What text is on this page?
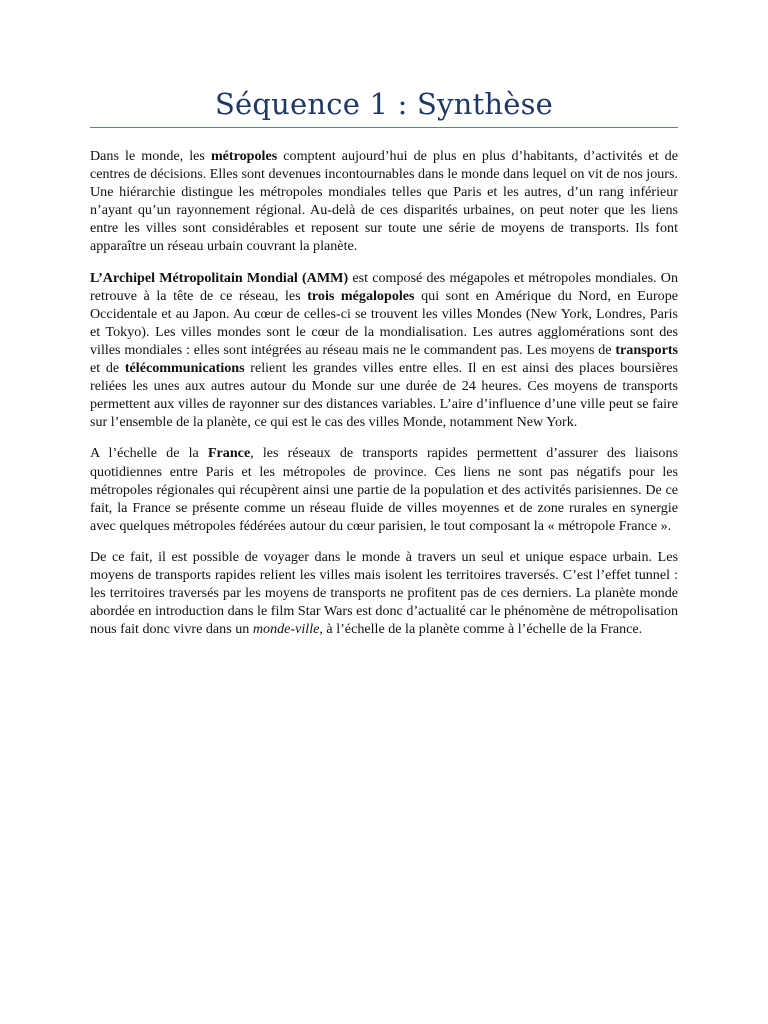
Séquence 1 : Synthèse

Dans le monde, les métropoles comptent aujourd’hui de plus en plus d’habitants, d’activités et de centres de décisions. Elles sont devenues incontournables dans le monde dans lequel on vit de nos jours. Une hiérarchie distingue les métropoles mondiales telles que Paris et les autres, d’un rang inférieur n’ayant qu’un rayonnement régional. Au-delà de ces disparités urbaines, on peut noter que les liens entre les villes sont considérables et reposent sur toute une série de moyens de transports. Ils font apparaître un réseau urbain couvrant la planète.

L’Archipel Métropolitain Mondial (AMM) est composé des mégapoles et métropoles mondiales. On retrouve à la tête de ce réseau, les trois mégalopoles qui sont en Amérique du Nord, en Europe Occidentale et au Japon. Au cœur de celles-ci se trouvent les villes Mondes (New York, Londres, Paris et Tokyo). Les villes mondes sont le cœur de la mondialisation. Les autres agglomérations sont des villes mondiales : elles sont intégrées au réseau mais ne le commandent pas. Les moyens de transports et de télécommunications relient les grandes villes entre elles. Il en est ainsi des places boursières reliées les unes aux autres autour du Monde sur une durée de 24 heures. Ces moyens de transports permettent aux villes de rayonner sur des distances variables. L’aire d’influence d’une ville peut se faire sur l’ensemble de la planète, ce qui est le cas des villes Monde, notamment New York.

A l’échelle de la France, les réseaux de transports rapides permettent d’assurer des liaisons quotidiennes entre Paris et les métropoles de province. Ces liens ne sont pas négatifs pour les métropoles régionales qui récupèrent ainsi une partie de la population et des activités parisiennes. De ce fait, la France se présente comme un réseau fluide de villes moyennes et de zone rurales en synergie avec quelques métropoles fédérées autour du cœur parisien, le tout composant la « métropole France ».

De ce fait, il est possible de voyager dans le monde à travers un seul et unique espace urbain. Les moyens de transports rapides relient les villes mais isolent les territoires traversés. C’est l’effet tunnel : les territoires traversés par les moyens de transports ne profitent pas de ces derniers. La planète monde abordée en introduction dans le film Star Wars est donc d’actualité car le phénomène de métropolisation nous fait donc vivre dans un monde-ville, à l’échelle de la planète comme à l’échelle de la France.
